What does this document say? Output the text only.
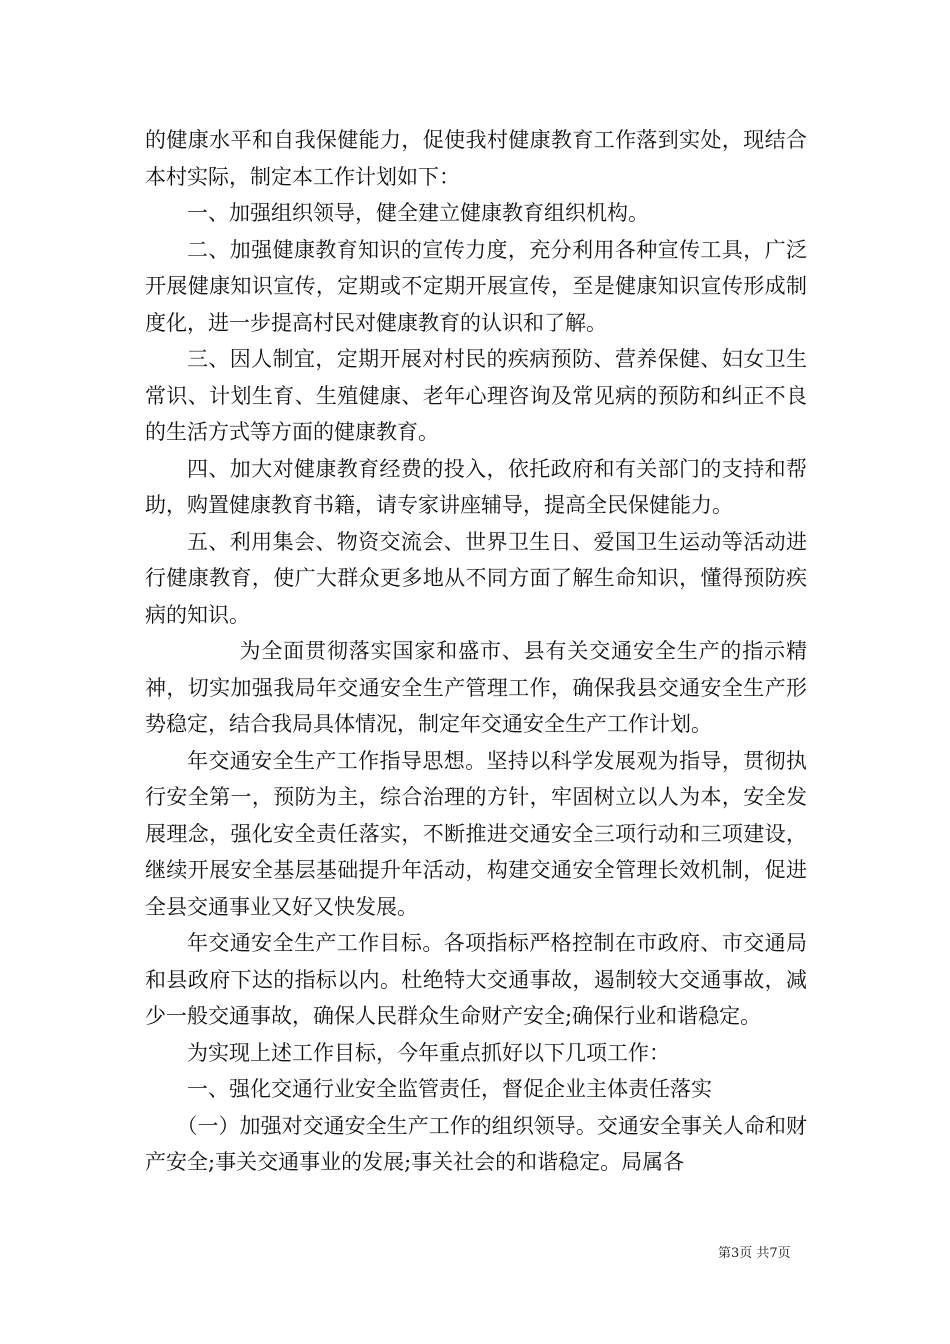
的健康水平和自我保健能力，促使我村健康教育工作落到实处，现结合本村实际，制定本工作计划如下：

一、加强组织领导，健全建立健康教育组织机构。

二、加强健康教育知识的宣传力度，充分利用各种宣传工具，广泛开展健康知识宣传，定期或不定期开展宣传，至是健康知识宣传形成制度化，进一步提高村民对健康教育的认识和了解。

三、因人制宜，定期开展对村民的疾病预防、营养保健、妇女卫生常识、计划生育、生殖健康、老年心理咨询及常见病的预防和纠正不良的生活方式等方面的健康教育。

四、加大对健康教育经费的投入，依托政府和有关部门的支持和帮助，购置健康教育书籍，请专家讲座辅导，提高全民保健能力。

五、利用集会、物资交流会、世界卫生日、爱国卫生运动等活动进行健康教育，使广大群众更多地从不同方面了解生命知识，懂得预防疾病的知识。

为全面贯彻落实国家和盛市、县有关交通安全生产的指示精神，切实加强我局年交通安全生产管理工作，确保我县交通安全生产形势稳定，结合我局具体情况，制定年交通安全生产工作计划。

年交通安全生产工作指导思想。坚持以科学发展观为指导，贯彻执行安全第一，预防为主，综合治理的方针，牢固树立以人为本，安全发展理念，强化安全责任落实，不断推进交通安全三项行动和三项建设，继续开展安全基层基础提升年活动，构建交通安全管理长效机制，促进全县交通事业又好又快发展。

年交通安全生产工作目标。各项指标严格控制在市政府、市交通局和县政府下达的指标以内。杜绝特大交通事故，遏制较大交通事故，减少一般交通事故，确保人民群众生命财产安全;确保行业和谐稳定。

为实现上述工作目标，今年重点抓好以下几项工作：

一、强化交通行业安全监管责任，督促企业主体责任落实

（一）加强对交通安全生产工作的组织领导。交通安全事关人命和财产安全;事关交通事业的发展;事关社会的和谐稳定。局属各

第3页 共7页
